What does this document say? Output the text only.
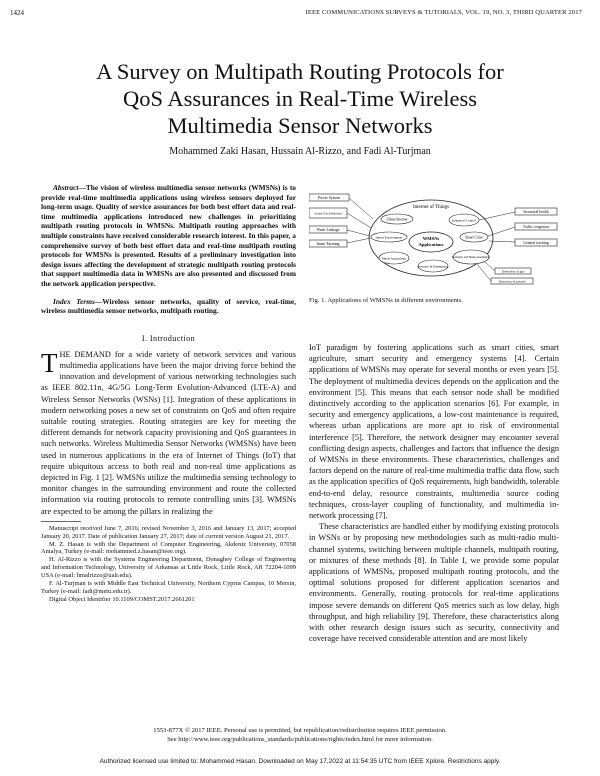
1424	IEEE COMMUNICATIONS SURVEYS & TUTORIALS, VOL. 19, NO. 3, THIRD QUARTER 2017
A Survey on Multipath Routing Protocols for
QoS Assurances in Real-Time Wireless
Multimedia Sensor Networks
Mohammed Zaki Hasan, Hussain Al-Rizzo, and Fadi Al-Turjman

Abstract—The vision of wireless multimedia sensor networks (WMSNs) is to provide real-time multimedia applications using wireless sensors deployed for long-term usage. Quality of service assurances for both best effort data and real-time multimedia applications introduced new challenges in prioritizing multipath routing protocols in WMSNs. Multipath routing approaches with multiple constraints have received considerable research interest. In this paper, a comprehensive survey of both best effort data and real-time multipath routing protocols for WMSNs is presented. Results of a preliminary investigation into design issues affecting the development of strategic multipath routing protocols that support multimedia data in WMSNs are also presented and discussed from the network application perspective.

Index Terms—Wireless sensor networks, quality of service, real-time, wireless multimedia sensor networks, multipath routing.

I. Introduction

THE DEMAND for a wide variety of network services and various multimedia applications have been the major driving force behind the innovation and development of various networking technologies such as IEEE 802.11n, 4G/5G Long-Term Evolution-Advanced (LTE-A) and Wireless Sensor Networks (WSNs) [1]. Integration of these applications in modern networking poses a new set of constraints on QoS and often require suitable routing strategies. Routing strategies are key for meeting the different demands for network capacity provisioning and QoS guarantees in such networks. Wireless Multimedia Sensor Networks (WMSNs) have been used in numerous applications in the era of Internet of Things (IoT) that require ubiquitous access to both real and non-real time applications as depicted in Fig. 1 [2]. WMSNs utilize the multimedia sensing technology to monitor changes in the surrounding environment and route the collected information via routing protocols to remote controlling units [3]. WMSNs are expected to be among the pillars in realizing the

Manuscript received June 7, 2016; revised November 3, 2016 and January 13, 2017; accepted January 20, 2017. Date of publication January 27, 2017; date of current version August 21, 2017.

M. Z. Hasan is with the Department of Computer Engineering, Akdeniz University, 07058 Antalya, Turkey (e-mail: mohammed.z.hasan@ieee.org).

H. Al-Rizzo is with the Systems Engineering Department, Donaghey College of Engineering and Information Technology, University of Arkansas at Little Rock, Little Rock, AR 72204-1099 USA (e-mail: hmalrizzo@ualr.edu).

F. Al-Turjman is with Middle East Technical University, Northern Cyprus Campus, 10 Mersin, Turkey (e-mail: fadi@metu.edu.tr).

Digital Object Identifier 10.1109/COMST.2017.2661201

Internet of Things
WMSNs
Applications
Urban Internet	Industrial Control
Smart Cities
Domestic and Home Automation
Security & Emergency
Smart Agriculture
Smart Environment
Power System
Forest Fire Detection
Water Leakage
Smart Farming
Structural health
Traffic congestion
General tracking
Detection of gas
Detection of people
Fig. 1. Applications of WMSNs in different environments.

IoT paradigm by fostering applications such as smart cities, smart agriculture, smart security and emergency systems [4]. Certain applications of WMSNs may operate for several months or even years [5]. The deployment of multimedia devices depends on the application and the environment [5]. This means that each sensor node shall be modified distinctively according to the application scenarios [6]. For example, in security and emergency applications, a low-cost maintenance is required, whereas urban applications are more apt to risk of environmental interference [5]. Therefore, the network designer may encounter several conflicting design aspects, challenges and factors that influence the design of WMSNs in these environments. These characteristics, challenges and factors depend on the nature of real-time multimedia traffic data flow, such as the application specifics of QoS requirements, high bandwidth, tolerable end-to-end delay, resource constraints, multimedia source coding techniques, cross-layer coupling of functionality, and multimedia in-network processing [7].

These characteristics are handled either by modifying existing protocols in WSNs or by proposing new methodologies such as multi-radio multi-channel systems, switching between multiple channels, multipath routing, or mixtures of these methods [8]. In Table I, we provide some popular applications of WMSNs, proposed multipath routing protocols, and the optimal solutions proposed for different application scenarios and environments. Generally, routing protocols for real-time applications impose severe demands on different QoS metrics such as low delay, high throughput, and high reliability [9]. Therefore, these characteristics along with other research design issues such as security, connectivity and coverage have received considerable attention and are most likely

1553-877X © 2017 IEEE. Personal use is permitted, but republication/redistribution requires IEEE permission.
See http://www.ieee.org/publications_standards/publications/rights/index.html for more information.
Authorized licensed use limited to: Mohammed Hasan. Downloaded on May 17,2022 at 11:54:35 UTC from IEEE Xplore. Restrictions apply.
